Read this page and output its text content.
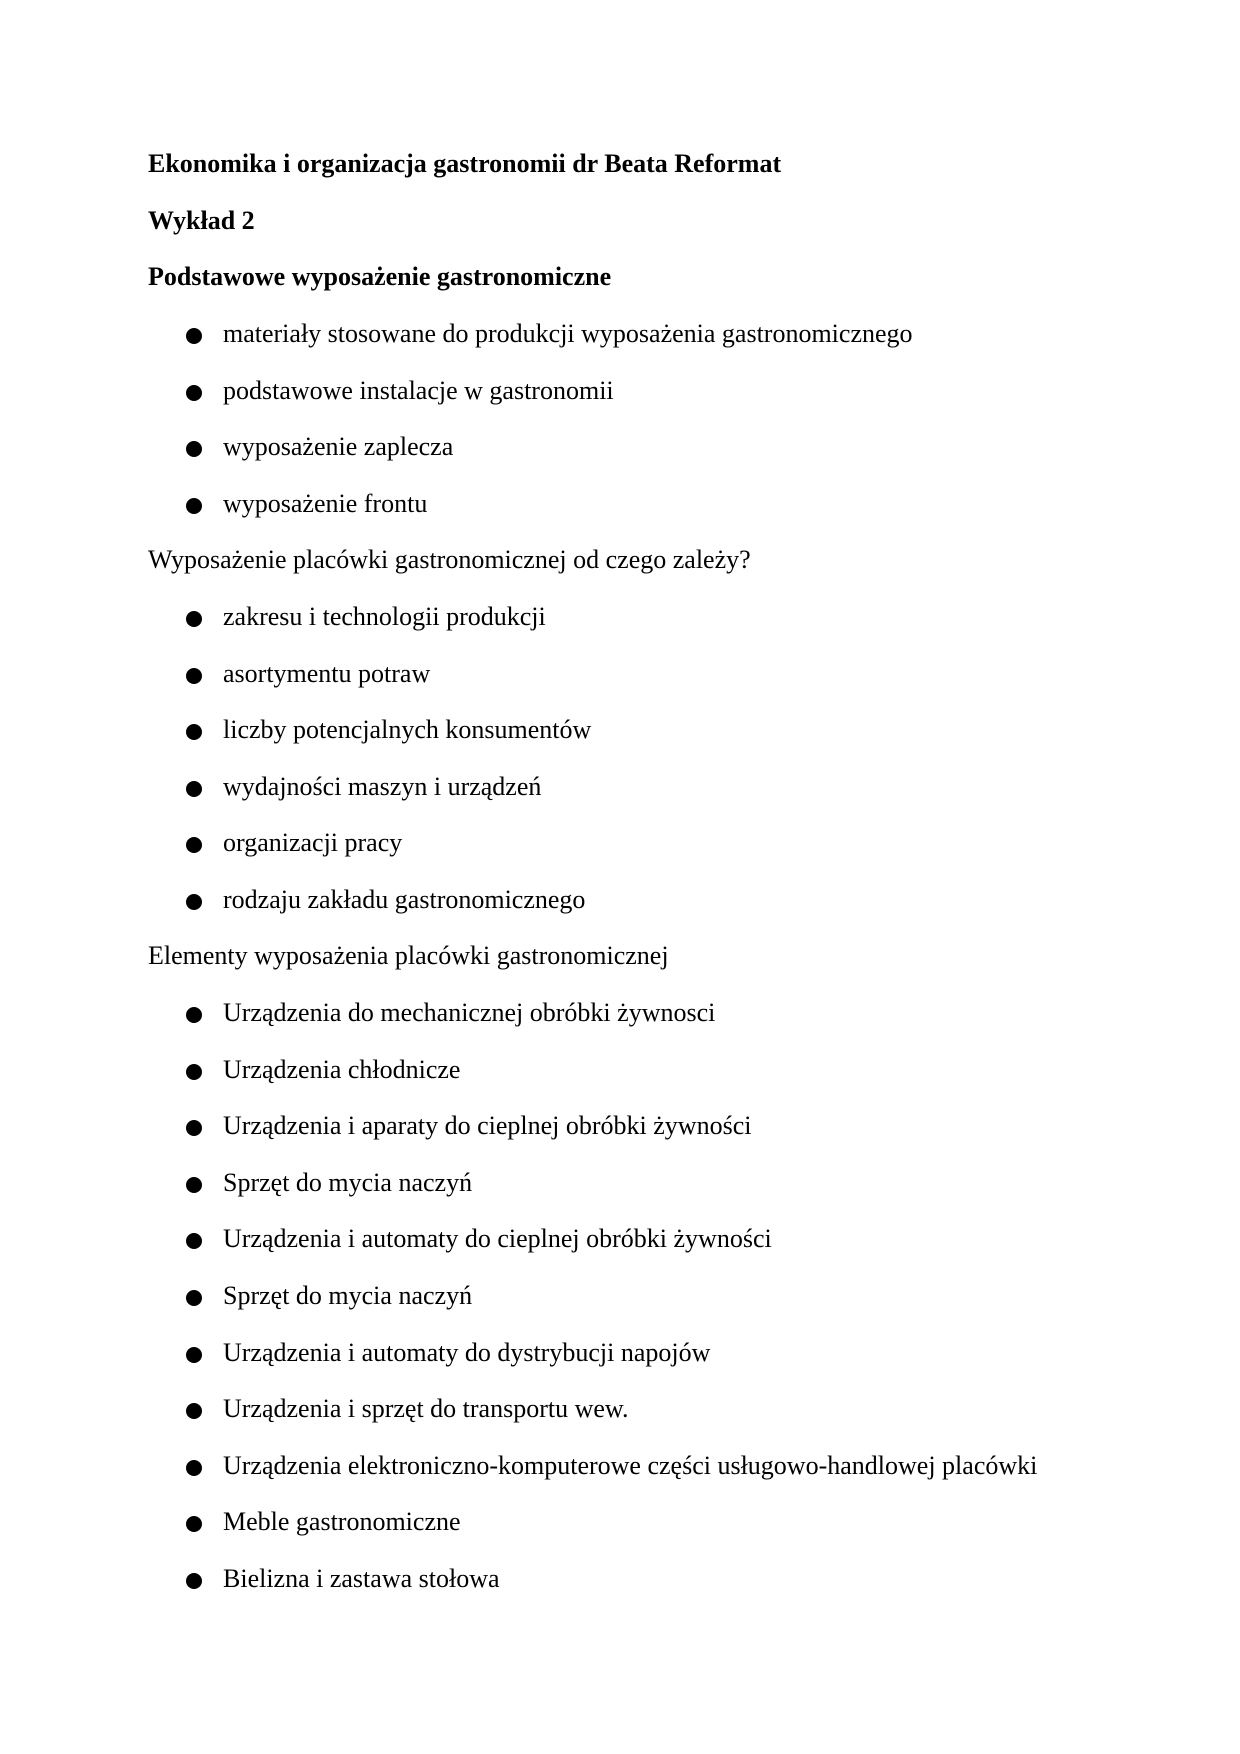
Ekonomika i organizacja gastronomii dr Beata Reformat
Wykład 2
Podstawowe wyposażenie gastronomiczne
materiały stosowane do produkcji wyposażenia gastronomicznego
podstawowe instalacje w gastronomii
wyposażenie zaplecza
wyposażenie frontu
Wyposażenie placówki gastronomicznej od czego zależy?
zakresu i technologii produkcji
asortymentu potraw
liczby potencjalnych konsumentów
wydajności maszyn i urządzeń
organizacji pracy
rodzaju zakładu gastronomicznego
Elementy wyposażenia placówki gastronomicznej
Urządzenia do mechanicznej obróbki żywnosci
Urządzenia chłodnicze
Urządzenia i aparaty do cieplnej obróbki żywności
Sprzęt do mycia naczyń
Urządzenia i automaty do cieplnej obróbki żywności
Sprzęt do mycia naczyń
Urządzenia i automaty do dystrybucji napojów
Urządzenia i sprzęt do transportu wew.
Urządzenia elektroniczno-komputerowe części usługowo-handlowej placówki
Meble gastronomiczne
Bielizna i zastawa stołowa
